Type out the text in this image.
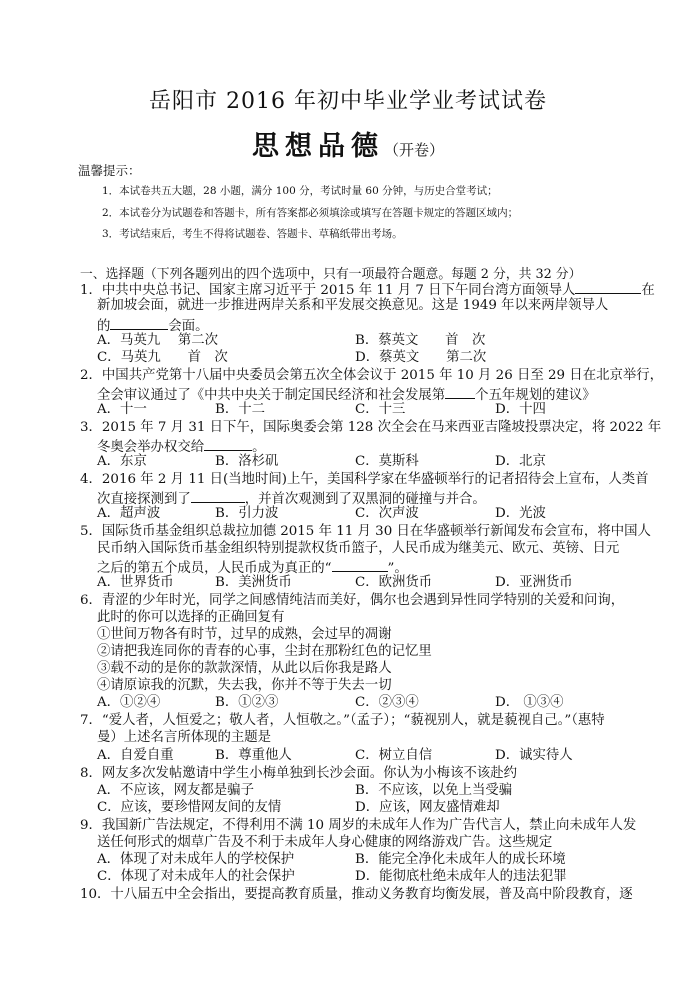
岳阳市 2016 年初中毕业学业考试试卷
思想品德（开卷）
温馨提示：
1．本试卷共五大题，28 小题，满分 100 分，考试时量 60 分钟，与历史合堂考试；
2．本试卷分为试题卷和答题卡，所有答案都必须填涂或填写在答题卡规定的答题区域内；
3．考试结束后，考生不得将试题卷、答题卡、草稿纸带出考场。
一、选择题（下列各题列出的四个选项中，只有一项最符合题意。每题 2 分，共 32 分）
1．中共中央总书记、国家主席习近平于 2015 年 11 月 7 日下午同台湾方面领导人	在
新加坡会面，就进一步推进两岸关系和平发展交换意见。这是 1949 年以来两岸领导人
的	会面。
A．马英九　 第二次	B．蔡英文　　首　次
C．马英九　　首　次	D．蔡英文　　第二次
2．中国共产党第十八届中央委员会第五次全体会议于 2015 年 10 月 26 日至 29 日在北京举行，
全会审议通过了《中共中央关于制定国民经济和社会发展第 个五年规划的建议》
A．十一	B．十二	C．十三	D．十四
3．2015 年 7 月 31 日下午，国际奥委会第 128 次全会在马来西亚吉隆坡投票决定，将 2022 年
冬奥会举办权交给	。
A．东京	B．洛杉矶	C．莫斯科	D．北京
4．2016 年 2 月 11 日(当地时间)上午，美国科学家在华盛顿举行的记者招待会上宣布，人类首
次直接探测到了	，并首次观测到了双黑洞的碰撞与并合。
A．超声波	B．引力波	C．次声波	D．光波
5．国际货币基金组织总裁拉加德 2015 年 11 月 30 日在华盛顿举行新闻发布会宣布，将中国人
民币纳入国际货币基金组织特别提款权货币篮子，人民币成为继美元、欧元、英镑、日元
之后的第五个成员，人民币成为真正的“	”。
A．世界货币	B．美洲货币	C．欧洲货币	D．亚洲货币
6．青涩的少年时光，同学之间感情纯洁而美好，偶尔也会遇到异性同学特别的关爱和问询，
此时的你可以选择的正确回复有
①世间万物各有时节，过早的成熟，会过早的凋谢
②请把我连同你的青春的心事，尘封在那粉红色的记忆里
③载不动的是你的款款深情，从此以后你我是路人
④请原谅我的沉默，失去我，你并不等于失去一切
A．①②④	B．①②③	C．②③④	D． ①③④
7．“爱人者，人恒爱之；敬人者，人恒敬之。”（孟子）；“藐视别人，就是藐视自己。”（惠特
曼）上述名言所体现的主题是
A．自爱自重	B．尊重他人	C．树立自信	D．诚实待人
8．网友多次发帖邀请中学生小梅单独到长沙会面。你认为小梅该不该赴约
A．不应该，网友都是骗子	B．不应该，以免上当受骗
C．应该，要珍惜网友间的友情	D．应该，网友盛情难却
9．我国新广告法规定，不得利用不满 10 周岁的未成年人作为广告代言人，禁止向未成年人发
送任何形式的烟草广告及不利于未成年人身心健康的网络游戏广告。这些规定
A．体现了对未成年人的学校保护	B．能完全净化未成年人的成长环境
C．体现了对未成年人的社会保护	D．能彻底杜绝未成年人的违法犯罪
10．十八届五中全会指出，要提高教育质量，推动义务教育均衡发展，普及高中阶段教育，逐
